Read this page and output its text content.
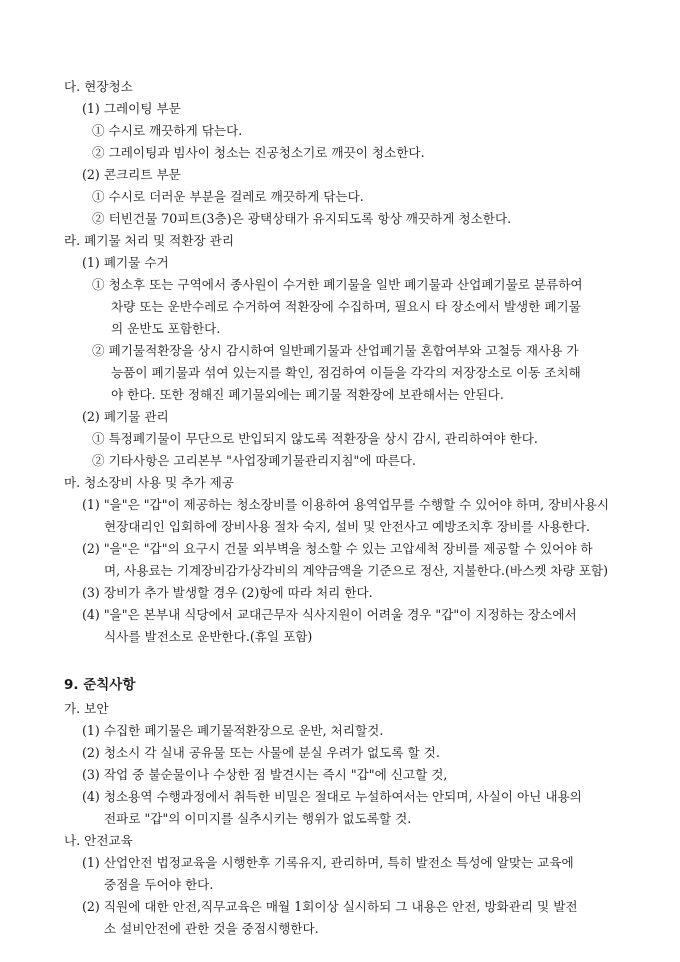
다. 현장청소
(1) 그레이팅 부문
① 수시로 깨끗하게 닦는다.
② 그레이팅과 빔사이 청소는 진공청소기로 깨끗이 청소한다.
(2) 콘크리트 부문
① 수시로 더러운 부분을 걸레로 깨끗하게 닦는다.
② 터빈건물 70피트(3층)은 광택상태가 유지되도록 항상 깨끗하게 청소한다.
라. 폐기물 처리 및 적환장 관리
(1) 폐기물 수거
① 청소후 또는 구역에서 종사원이 수거한 폐기물을 일반 폐기물과 산업폐기물로 분류하여
차량 또는 운반수레로 수거하여 적환장에 수집하며, 필요시 타 장소에서 발생한 폐기물
의 운반도 포함한다.
② 폐기물적환장을 상시 감시하여 일반폐기물과 산업폐기물 혼합여부와 고철등 재사용 가
능품이 폐기물과 섞여 있는지를 확인, 점검하여 이들을 각각의 저장장소로 이동 조치해
야 한다. 또한 정해진 폐기물외에는 폐기물 적환장에 보관해서는 안된다.
(2) 폐기물 관리
① 특정폐기물이 무단으로 반입되지 않도록 적환장을 상시 감시, 관리하여야 한다.
② 기타사항은 고리본부 "사업장폐기물관리지침"에 따른다.
마. 청소장비 사용 및 추가 제공
(1) "을"은 "갑"이 제공하는 청소장비를 이용하여 용역업무를 수행할 수 있어야 하며, 장비사용시
현장대리인 입회하에 장비사용 절차 숙지, 설비 및 안전사고 예방조치후 장비를 사용한다.
(2) "을"은 "갑"의 요구시 건물 외부벽을 청소할 수 있는 고압세척 장비를 제공할 수 있어야 하
며, 사용료는 기계장비감가상각비의 계약금액을 기준으로 정산, 지불한다.(바스켓 차량 포함)
(3) 장비가 추가 발생할 경우 (2)항에 따라 처리 한다.
(4) "을"은 본부내 식당에서 교대근무자 식사지원이 어려울 경우 "갑"이 지정하는 장소에서
식사를 발전소로 운반한다.(휴일 포함)
9. 준칙사항
가. 보안
(1) 수집한 폐기물은 폐기물적환장으로 운반, 처리할것.
(2) 청소시 각 실내 공유물 또는 사물에 분실 우려가 없도록 할 것.
(3) 작업 중 불순물이나 수상한 점 발견시는 즉시 "갑"에 신고할 것,
(4) 청소용역 수행과정에서 취득한 비밀은 절대로 누설하여서는 안되며, 사실이 아닌 내용의
전파로 "갑"의 이미지를 실추시키는 행위가 없도록할 것.
나. 안전교육
(1) 산업안전 법정교육을 시행한후 기록유지, 관리하며, 특히 발전소 특성에 알맞는 교육에
중점을 두어야 한다.
(2) 직원에 대한 안전,직무교육은 매월 1회이상 실시하되 그 내용은 안전, 방화관리 및 발전
소 설비안전에 관한 것을 중점시행한다.
